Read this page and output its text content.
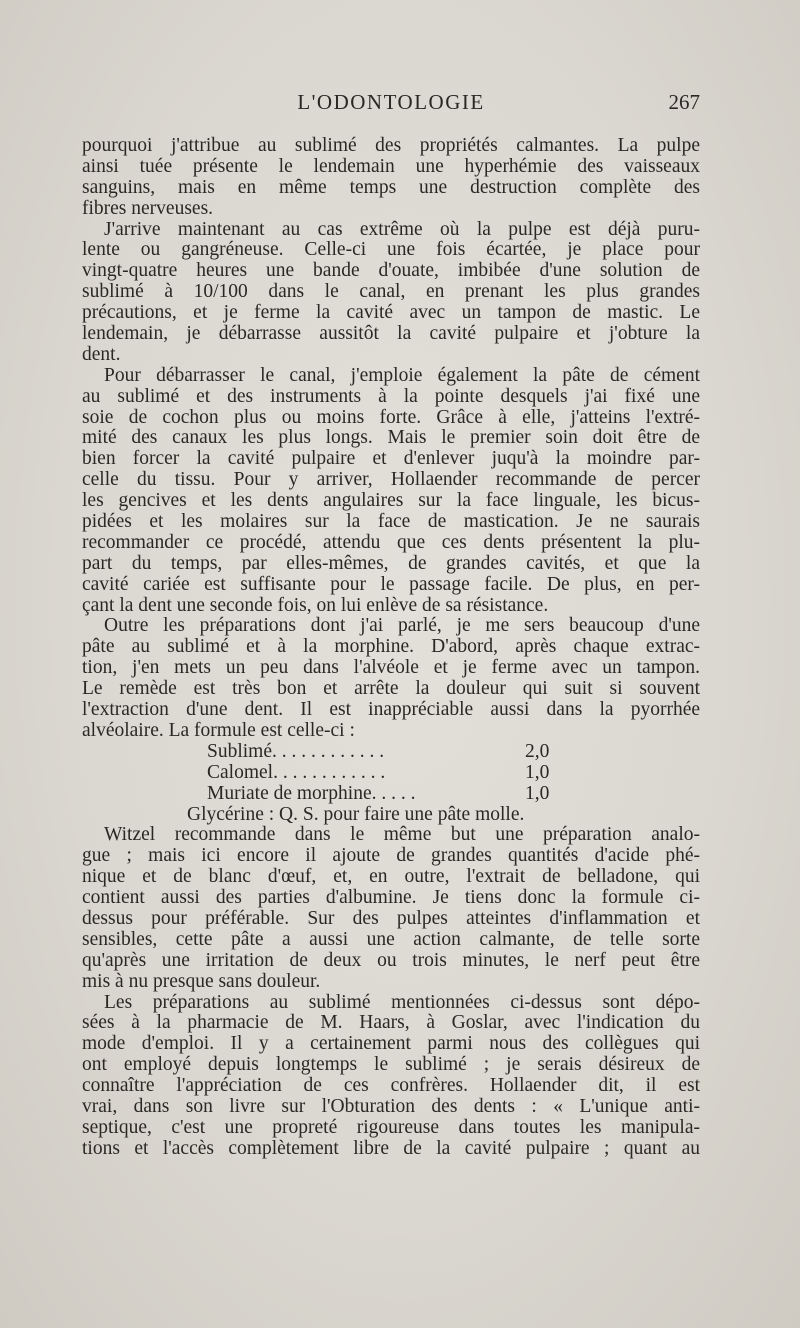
L'ODONTOLOGIE	267
pourquoi j'attribue au sublimé des propriétés calmantes. La pulpe
ainsi tuée présente le lendemain une hyperhémie des vaisseaux
sanguins, mais en même temps une destruction complète des
fibres nerveuses.
J'arrive maintenant au cas extrême où la pulpe est déjà puru-
lente ou gangréneuse. Celle-ci une fois écartée, je place pour
vingt-quatre heures une bande d'ouate, imbibée d'une solution de
sublimé à 10/100 dans le canal, en prenant les plus grandes
précautions, et je ferme la cavité avec un tampon de mastic. Le
lendemain, je débarrasse aussitôt la cavité pulpaire et j'obture la
dent.
Pour débarrasser le canal, j'emploie également la pâte de cément
au sublimé et des instruments à la pointe desquels j'ai fixé une
soie de cochon plus ou moins forte. Grâce à elle, j'atteins l'extré-
mité des canaux les plus longs. Mais le premier soin doit être de
bien forcer la cavité pulpaire et d'enlever juqu'à la moindre par-
celle du tissu. Pour y arriver, Hollaender recommande de percer
les gencives et les dents angulaires sur la face linguale, les bicus-
pidées et les molaires sur la face de mastication. Je ne saurais
recommander ce procédé, attendu que ces dents présentent la plu-
part du temps, par elles-mêmes, de grandes cavités, et que la
cavité cariée est suffisante pour le passage facile. De plus, en per-
çant la dent une seconde fois, on lui enlève de sa résistance.
Outre les préparations dont j'ai parlé, je me sers beaucoup d'une
pâte au sublimé et à la morphine. D'abord, après chaque extrac-
tion, j'en mets un peu dans l'alvéole et je ferme avec un tampon.
Le remède est très bon et arrête la douleur qui suit si souvent
l'extraction d'une dent. Il est inappréciable aussi dans la pyorrhée
alvéolaire. La formule est celle-ci :
Sublimé. . . . . . . . . . . .	2,0
Calomel. . . . . . . . . . . .	1,0
Muriate de morphine. . . . .	1,0
Glycérine : Q. S. pour faire une pâte molle.
Witzel recommande dans le même but une préparation analo-
gue ; mais ici encore il ajoute de grandes quantités d'acide phé-
nique et de blanc d'œuf, et, en outre, l'extrait de belladone, qui
contient aussi des parties d'albumine. Je tiens donc la formule ci-
dessus pour préférable. Sur des pulpes atteintes d'inflammation et
sensibles, cette pâte a aussi une action calmante, de telle sorte
qu'après une irritation de deux ou trois minutes, le nerf peut être
mis à nu presque sans douleur.
Les préparations au sublimé mentionnées ci-dessus sont dépo-
sées à la pharmacie de M. Haars, à Goslar, avec l'indication du
mode d'emploi. Il y a certainement parmi nous des collègues qui
ont employé depuis longtemps le sublimé ; je serais désireux de
connaître l'appréciation de ces confrères. Hollaender dit, il est
vrai, dans son livre sur l'Obturation des dents : « L'unique anti-
septique, c'est une propreté rigoureuse dans toutes les manipula-
tions et l'accès complètement libre de la cavité pulpaire ; quant au
